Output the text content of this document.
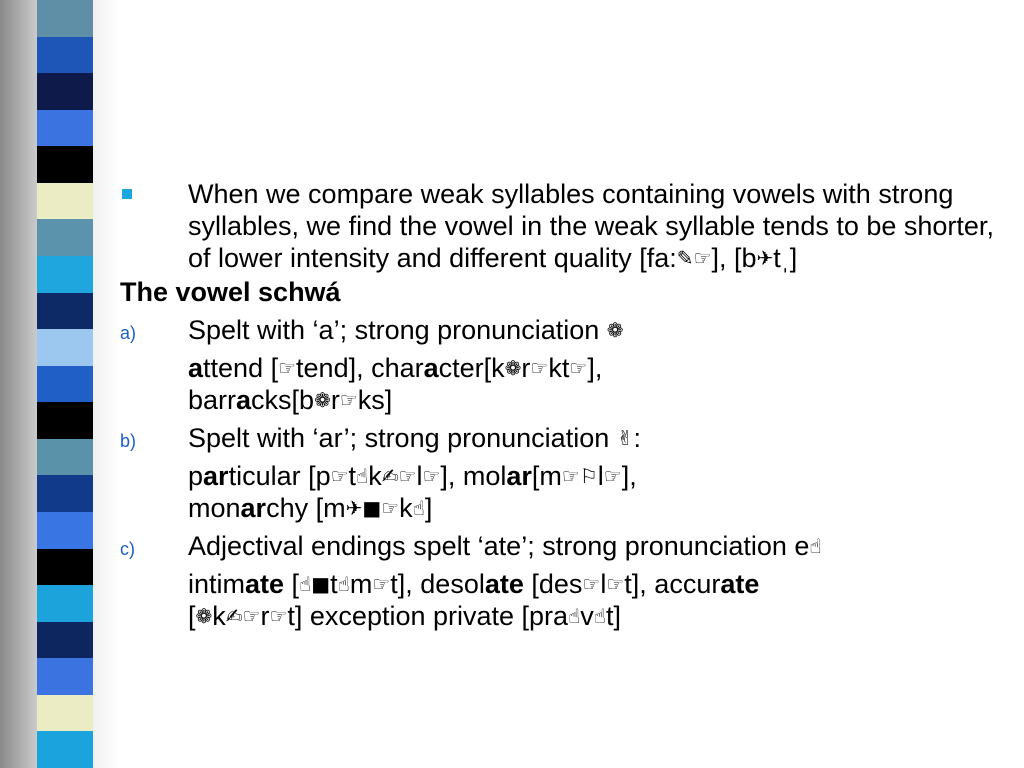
When we compare weak syllables containing vowels with strong syllables, we find the vowel in the weak syllable tends to be shorter, of lower intensity and different quality [fa:✎☞], [b✈tˌ]
The vowel schwá
a) Spelt with ‘a’; strong pronunciation ❁
attend [☞tend], character[k❁r☞kt☞],
barracks[b❁r☞ks]
b) Spelt with ‘ar’; strong pronunciation ✌:
particular [p☞t☝k✍☞l☞], molar[m☞⚐l☞],
monarchy [m✈■☞k☝]
c) Adjectival endings spelt ‘ate’; strong pronunciation e☝
intimate [☝■t☝m☞t], desolate [des☞l☞t], accurate
[❁k✍☞r☞t] exception private [pra☝v☝t]
